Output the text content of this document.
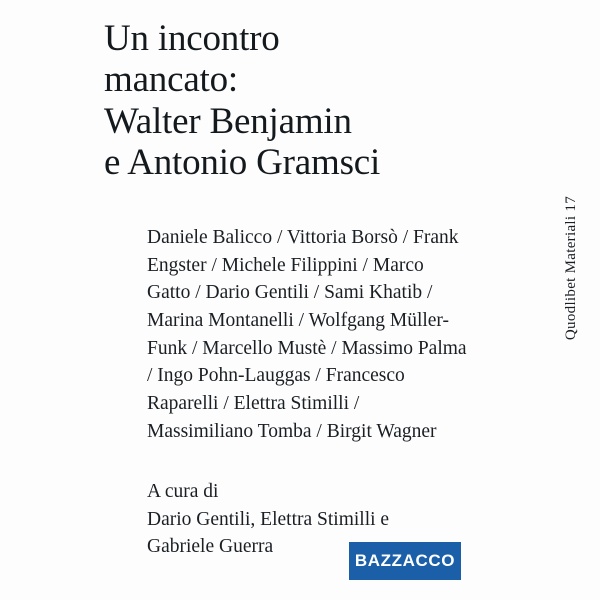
Un incontro
mancato:
Walter Benjamin
e Antonio Gramsci
Quodlibet Materiali 17
Daniele Balicco / Vittoria Borsò / Frank Engster / Michele Filippini / Marco Gatto / Dario Gentili / Sami Khatib / Marina Montanelli / Wolfgang Müller-Funk / Marcello Mustè / Massimo Palma / Ingo Pohn-Lauggas / Francesco Raparelli / Elettra Stimilli / Massimiliano Tomba / Birgit Wagner
A cura di
Dario Gentili, Elettra Stimilli e Gabriele Guerra
BAZZACCO
